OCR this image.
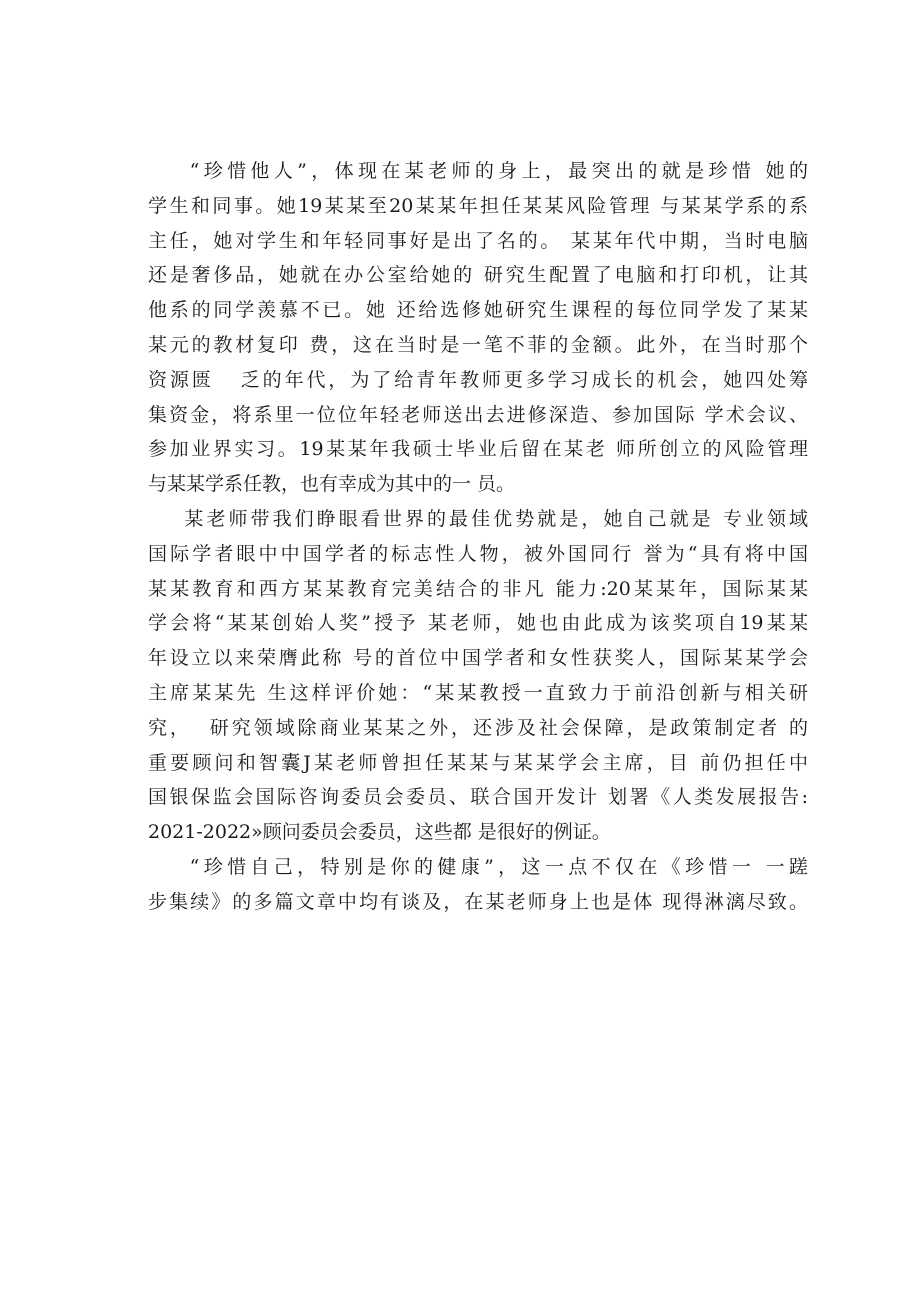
“珍惜他人”，体现在某老师的身上，最突出的就是珍惜 她的
学生和同事。她19某某至20某某年担任某某风险管理 与某某学系的系
主任，她对学生和年轻同事好是出了名的。 某某年代中期，当时电脑
还是奢侈品，她就在办公室给她的 研究生配置了电脑和打印机，让其
他系的同学羡慕不已。她 还给选修她研究生课程的每位同学发了某某
某元的教材复印 费，这在当时是一笔不菲的金额。此外，在当时那个
资源匮   乏的年代，为了给青年教师更多学习成长的机会，她四处筹
集资金，将系里一位位年轻老师送出去进修深造、参加国际 学术会议、
参加业界实习。19某某年我硕士毕业后留在某老 师所创立的风险管理
与某某学系任教，也有幸成为其中的一 员。
某老师带我们睁眼看世界的最佳优势就是，她自己就是 专业领域
国际学者眼中中国学者的标志性人物，被外国同行 誉为“具有将中国
某某教育和西方某某教育完美结合的非凡 能力:20某某年，国际某某
学会将“某某创始人奖”授予 某老师，她也由此成为该奖项自19某某
年设立以来荣膺此称 号的首位中国学者和女性获奖人，国际某某学会
主席某某先 生这样评价她：“某某教授一直致力于前沿创新与相关研
究，  研究领域除商业某某之外，还涉及社会保障，是政策制定者 的
重要顾问和智囊J某老师曾担任某某与某某学会主席，目 前仍担任中
国银保监会国际咨询委员会委员、联合国开发计 划署《人类发展报告:
2021-2022»顾问委员会委员，这些都 是很好的例证。
“珍惜自己，特别是你的健康”，这一点不仅在《珍惜一 一蹉
步集续》的多篇文章中均有谈及，在某老师身上也是体 现得淋漓尽致。
